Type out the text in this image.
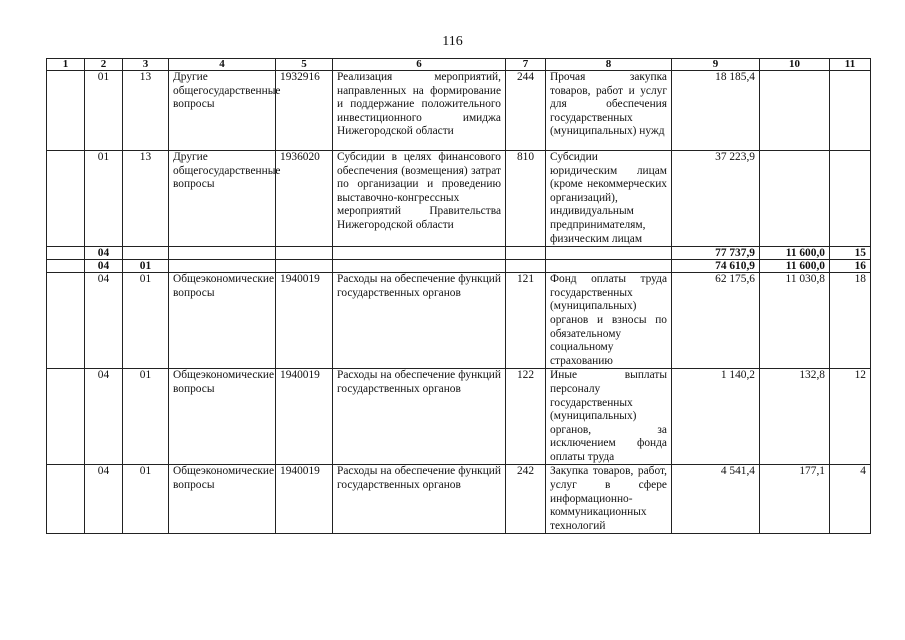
116
1	2	3	4	5	6	7	8	9	10	11
	01	13	Другие общегосударственные вопросы	1932916	Реализация мероприятий, направленных на формирование и поддержание положительного инвестиционного имиджа Нижегородской области	244	Прочая закупка товаров, работ и услуг для обеспечения государственных (муниципальных) нужд	18 185,4		
	01	13	Другие общегосударственные вопросы	1936020	Субсидии в целях финансового обеспечения (возмещения) затрат по организации и проведению выставочно-конгрессных мероприятий Правительства Нижегородской области	810	Субсидии юридическим лицам (кроме некоммерческих организаций), индивидуальным предпринимателям, физическим лицам	37 223,9		
	04							77 737,9	11 600,0	15
	04	01						74 610,9	11 600,0	16
	04	01	Общеэкономические вопросы	1940019	Расходы на обеспечение функций государственных органов	121	Фонд оплаты труда государственных (муниципальных) органов и взносы по обязательному социальному страхованию	62 175,6	11 030,8	18
	04	01	Общеэкономические вопросы	1940019	Расходы на обеспечение функций государственных органов	122	Иные выплаты персоналу государственных (муниципальных) органов, за исключением фонда оплаты труда	1 140,2	132,8	12
	04	01	Общеэкономические вопросы	1940019	Расходы на обеспечение функций государственных органов	242	Закупка товаров, работ, услуг в сфере информационно-коммуникационных технологий	4 541,4	177,1	4
